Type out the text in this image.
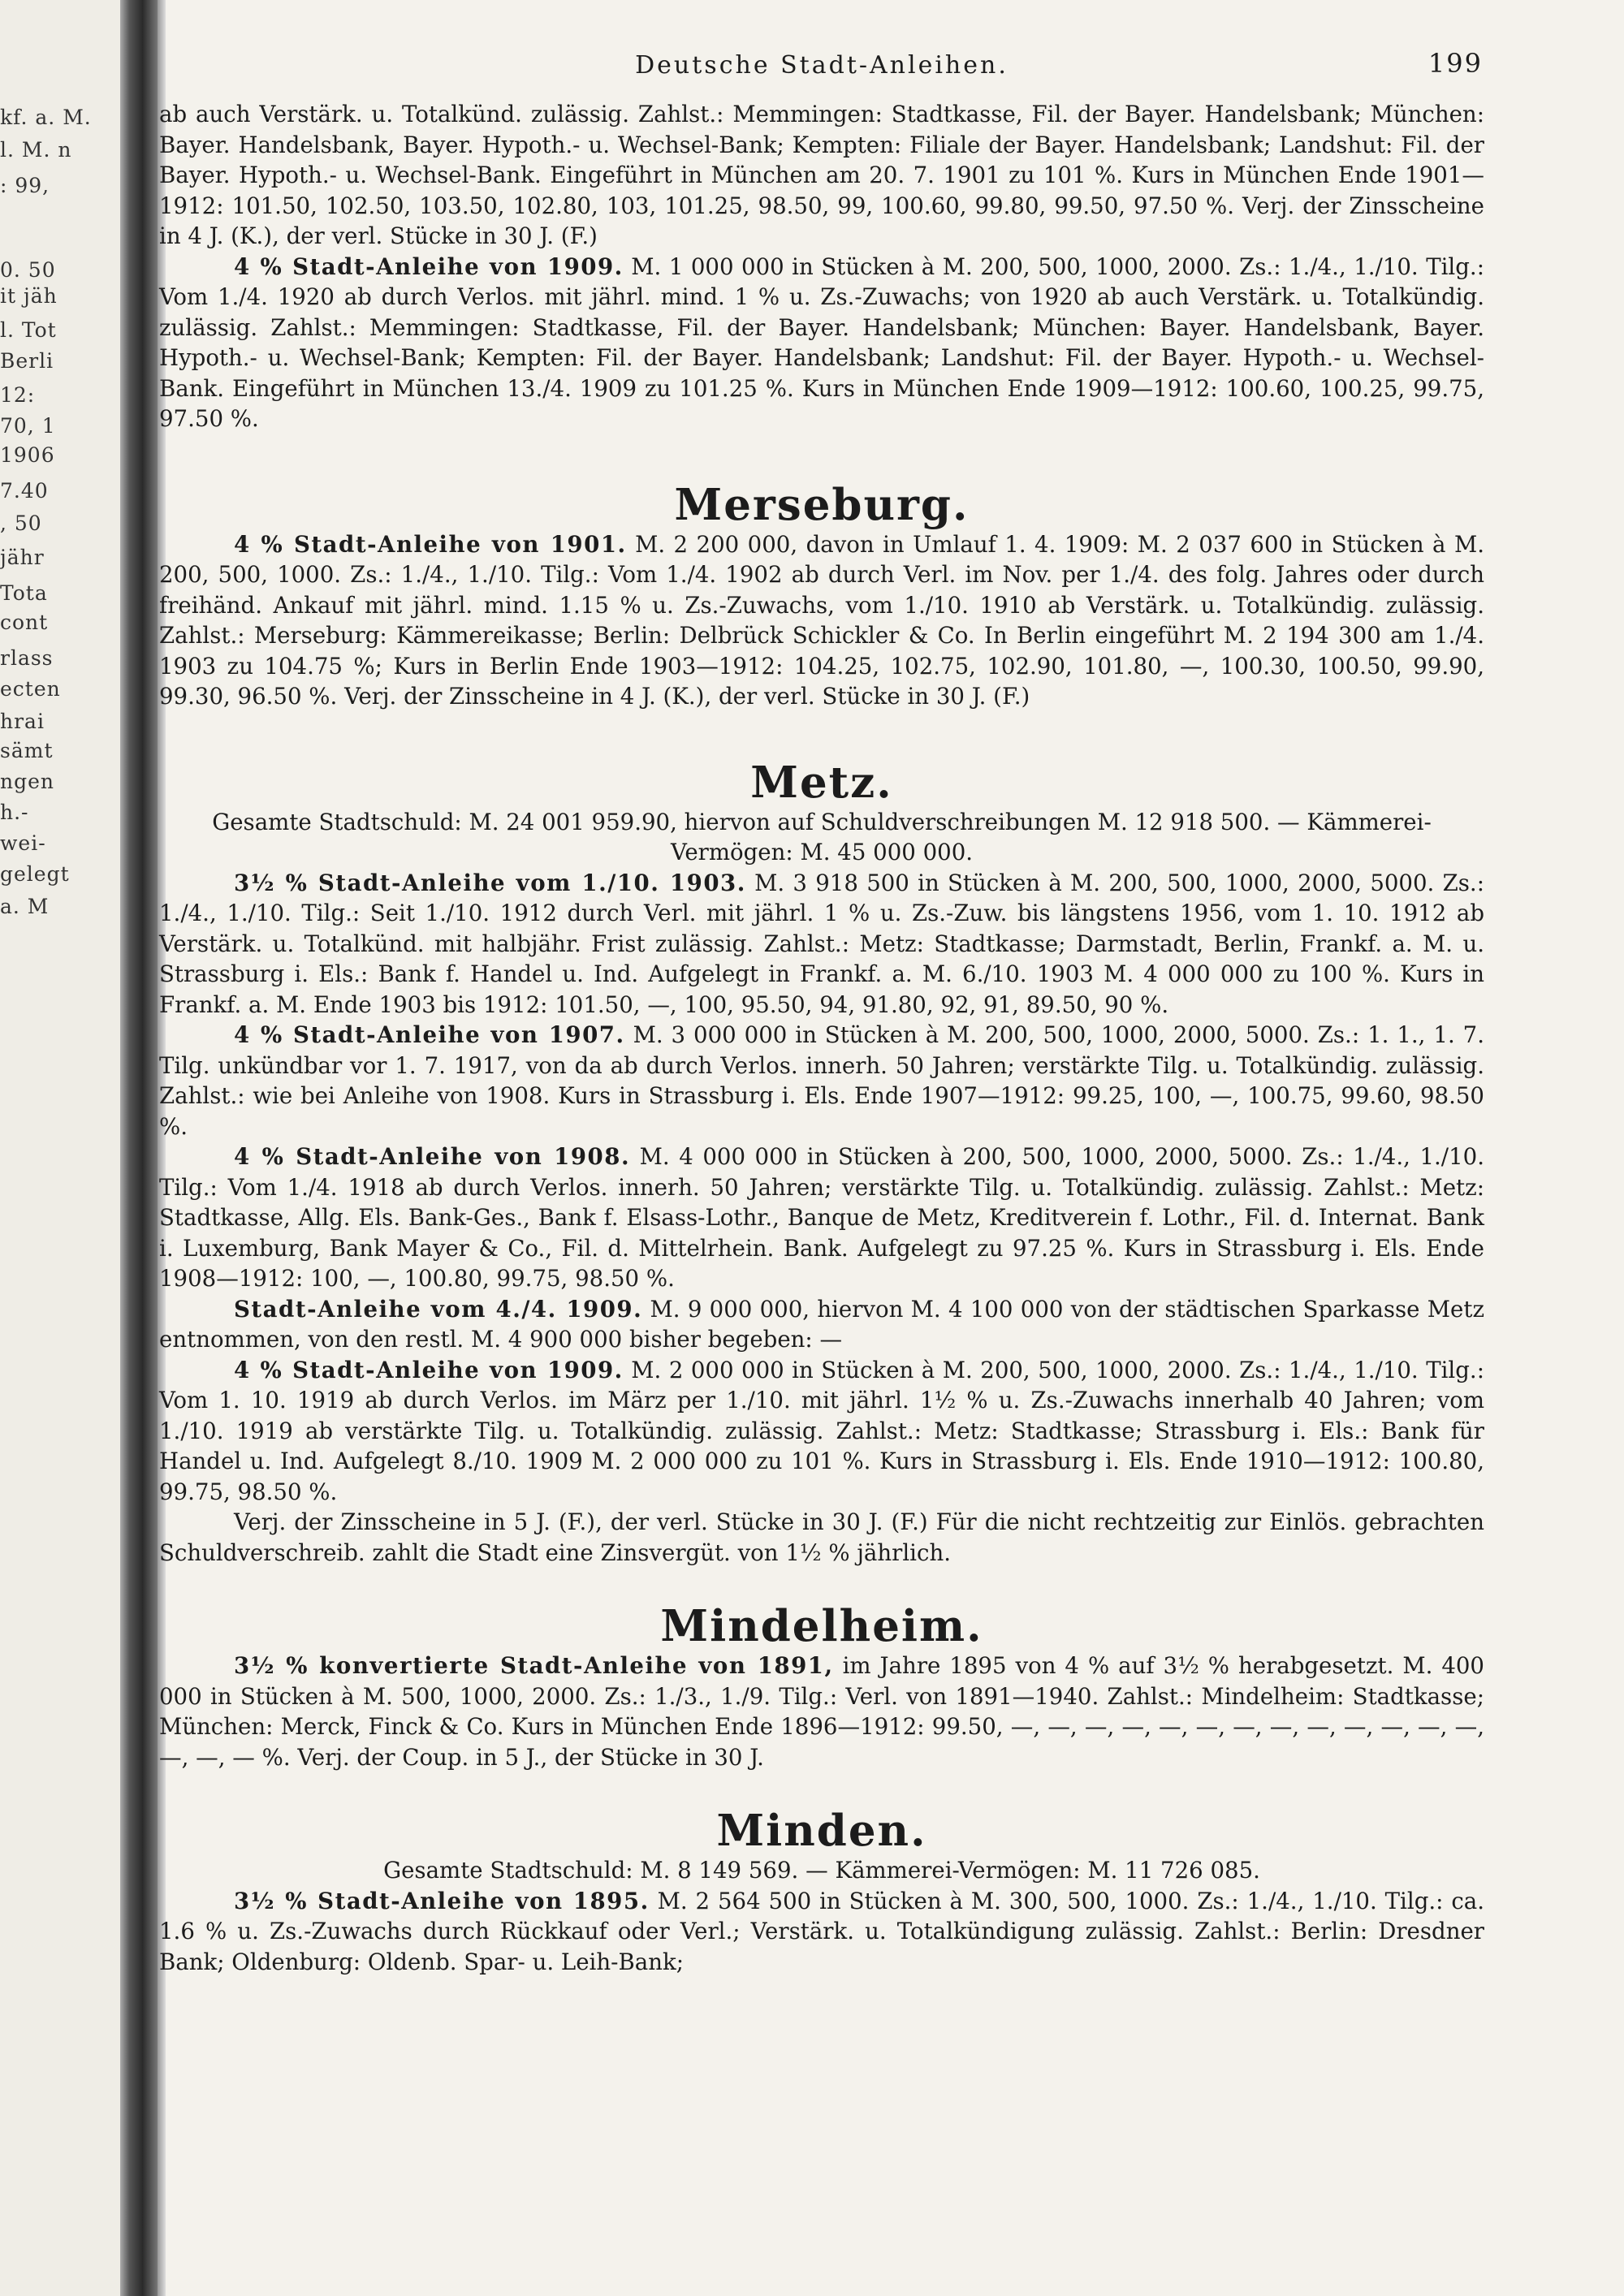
kf. a. M.
l. M. n
: 99,
0. 50
it jäh
l. Tot
Berli
12:
70, 1
1906
7.40
, 50
jähr
Tota
cont
rlass
ecten
hrai
sämt
ngen
h.-
wei-
gelegt
a. M
Deutsche Stadt-Anleihen.	199

ab auch Verstärk. u. Totalkünd. zulässig. Zahlst.: Memmingen: Stadtkasse, Fil. der Bayer. Handelsbank; München: Bayer. Handelsbank, Bayer. Hypoth.- u. Wechsel-Bank; Kempten: Filiale der Bayer. Handelsbank; Landshut: Fil. der Bayer. Hypoth.- u. Wechsel-Bank. Eingeführt in München am 20. 7. 1901 zu 101 %. Kurs in München Ende 1901—1912: 101.50, 102.50, 103.50, 102.80, 103, 101.25, 98.50, 99, 100.60, 99.80, 99.50, 97.50 %. Verj. der Zinsscheine in 4 J. (K.), der verl. Stücke in 30 J. (F.)

4 % Stadt-Anleihe von 1909. M. 1 000 000 in Stücken à M. 200, 500, 1000, 2000. Zs.: 1./4., 1./10. Tilg.: Vom 1./4. 1920 ab durch Verlos. mit jährl. mind. 1 % u. Zs.-Zuwachs; von 1920 ab auch Verstärk. u. Totalkündig. zulässig. Zahlst.: Memmingen: Stadtkasse, Fil. der Bayer. Handelsbank; München: Bayer. Handelsbank, Bayer. Hypoth.- u. Wechsel-Bank; Kempten: Fil. der Bayer. Handelsbank; Landshut: Fil. der Bayer. Hypoth.- u. Wechsel-Bank. Eingeführt in München 13./4. 1909 zu 101.25 %. Kurs in München Ende 1909—1912: 100.60, 100.25, 99.75, 97.50 %.

Merseburg.

4 % Stadt-Anleihe von 1901. M. 2 200 000, davon in Umlauf 1. 4. 1909: M. 2 037 600 in Stücken à M. 200, 500, 1000. Zs.: 1./4., 1./10. Tilg.: Vom 1./4. 1902 ab durch Verl. im Nov. per 1./4. des folg. Jahres oder durch freihänd. Ankauf mit jährl. mind. 1.15 % u. Zs.-Zuwachs, vom 1./10. 1910 ab Verstärk. u. Totalkündig. zulässig. Zahlst.: Merseburg: Kämmereikasse; Berlin: Delbrück Schickler & Co. In Berlin eingeführt M. 2 194 300 am 1./4. 1903 zu 104.75 %; Kurs in Berlin Ende 1903—1912: 104.25, 102.75, 102.90, 101.80, —, 100.30, 100.50, 99.90, 99.30, 96.50 %. Verj. der Zinsscheine in 4 J. (K.), der verl. Stücke in 30 J. (F.)

Metz.

Gesamte Stadtschuld: M. 24 001 959.90, hiervon auf Schuldverschreibungen M. 12 918 500. — Kämmerei-Vermögen: M. 45 000 000.

3½ % Stadt-Anleihe vom 1./10. 1903. M. 3 918 500 in Stücken à M. 200, 500, 1000, 2000, 5000. Zs.: 1./4., 1./10. Tilg.: Seit 1./10. 1912 durch Verl. mit jährl. 1 % u. Zs.-Zuw. bis längstens 1956, vom 1. 10. 1912 ab Verstärk. u. Totalkünd. mit halbjähr. Frist zulässig. Zahlst.: Metz: Stadtkasse; Darmstadt, Berlin, Frankf. a. M. u. Strassburg i. Els.: Bank f. Handel u. Ind. Aufgelegt in Frankf. a. M. 6./10. 1903 M. 4 000 000 zu 100 %. Kurs in Frankf. a. M. Ende 1903 bis 1912: 101.50, —, 100, 95.50, 94, 91.80, 92, 91, 89.50, 90 %.

4 % Stadt-Anleihe von 1907. M. 3 000 000 in Stücken à M. 200, 500, 1000, 2000, 5000. Zs.: 1. 1., 1. 7. Tilg. unkündbar vor 1. 7. 1917, von da ab durch Verlos. innerh. 50 Jahren; verstärkte Tilg. u. Totalkündig. zulässig. Zahlst.: wie bei Anleihe von 1908. Kurs in Strassburg i. Els. Ende 1907—1912: 99.25, 100, —, 100.75, 99.60, 98.50 %.

4 % Stadt-Anleihe von 1908. M. 4 000 000 in Stücken à 200, 500, 1000, 2000, 5000. Zs.: 1./4., 1./10. Tilg.: Vom 1./4. 1918 ab durch Verlos. innerh. 50 Jahren; verstärkte Tilg. u. Totalkündig. zulässig. Zahlst.: Metz: Stadtkasse, Allg. Els. Bank-Ges., Bank f. Elsass-Lothr., Banque de Metz, Kreditverein f. Lothr., Fil. d. Internat. Bank i. Luxemburg, Bank Mayer & Co., Fil. d. Mittelrhein. Bank. Aufgelegt zu 97.25 %. Kurs in Strassburg i. Els. Ende 1908—1912: 100, —, 100.80, 99.75, 98.50 %.

Stadt-Anleihe vom 4./4. 1909. M. 9 000 000, hiervon M. 4 100 000 von der städtischen Sparkasse Metz entnommen, von den restl. M. 4 900 000 bisher begeben: —

4 % Stadt-Anleihe von 1909. M. 2 000 000 in Stücken à M. 200, 500, 1000, 2000. Zs.: 1./4., 1./10. Tilg.: Vom 1. 10. 1919 ab durch Verlos. im März per 1./10. mit jährl. 1½ % u. Zs.-Zuwachs innerhalb 40 Jahren; vom 1./10. 1919 ab verstärkte Tilg. u. Totalkündig. zulässig. Zahlst.: Metz: Stadtkasse; Strassburg i. Els.: Bank für Handel u. Ind. Aufgelegt 8./10. 1909 M. 2 000 000 zu 101 %. Kurs in Strassburg i. Els. Ende 1910—1912: 100.80, 99.75, 98.50 %.

Verj. der Zinsscheine in 5 J. (F.), der verl. Stücke in 30 J. (F.) Für die nicht rechtzeitig zur Einlös. gebrachten Schuldverschreib. zahlt die Stadt eine Zinsvergüt. von 1½ % jährlich.

Mindelheim.

3½ % konvertierte Stadt-Anleihe von 1891, im Jahre 1895 von 4 % auf 3½ % herabgesetzt. M. 400 000 in Stücken à M. 500, 1000, 2000. Zs.: 1./3., 1./9. Tilg.: Verl. von 1891—1940. Zahlst.: Mindelheim: Stadtkasse; München: Merck, Finck & Co. Kurs in München Ende 1896—1912: 99.50, —, —, —, —, —, —, —, —, —, —, —, —, —, —, —, — %. Verj. der Coup. in 5 J., der Stücke in 30 J.

Minden.

Gesamte Stadtschuld: M. 8 149 569. — Kämmerei-Vermögen: M. 11 726 085.

3½ % Stadt-Anleihe von 1895. M. 2 564 500 in Stücken à M. 300, 500, 1000. Zs.: 1./4., 1./10. Tilg.: ca. 1.6 % u. Zs.-Zuwachs durch Rückkauf oder Verl.; Verstärk. u. Totalkündigung zulässig. Zahlst.: Berlin: Dresdner Bank; Oldenburg: Oldenb. Spar- u. Leih-Bank;
